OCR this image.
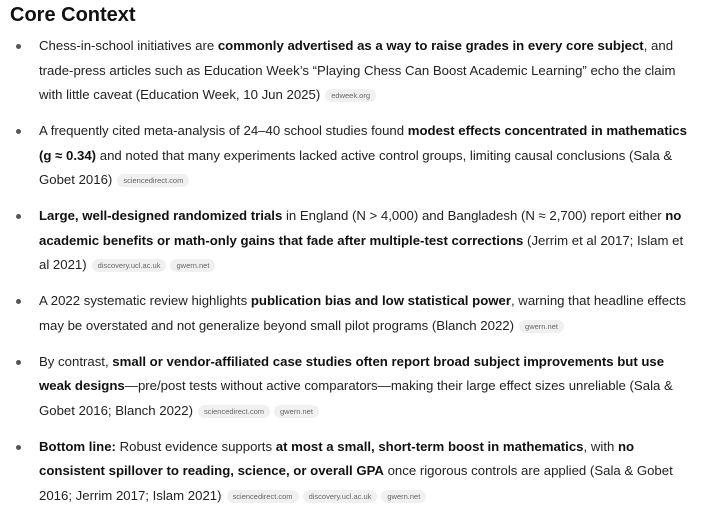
Core Context
Chess-in-school initiatives are commonly advertised as a way to raise grades in every core subject, and trade-press articles such as Education Week’s “Playing Chess Can Boost Academic Learning” echo the claim with little caveat (Education Week, 10 Jun 2025) edweek.org
A frequently cited meta-analysis of 24–40 school studies found modest effects concentrated in mathematics (g ≈ 0.34) and noted that many experiments lacked active control groups, limiting causal conclusions (Sala & Gobet 2016) sciencedirect.com
Large, well-designed randomized trials in England (N > 4,000) and Bangladesh (N ≈ 2,700) report either no academic benefits or math-only gains that fade after multiple-test corrections (Jerrim et al 2017; Islam et al 2021) discovery.ucl.ac.uk gwern.net
A 2022 systematic review highlights publication bias and low statistical power, warning that headline effects may be overstated and not generalize beyond small pilot programs (Blanch 2022) gwern.net
By contrast, small or vendor-affiliated case studies often report broad subject improvements but use weak designs—pre/post tests without active comparators—making their large effect sizes unreliable (Sala & Gobet 2016; Blanch 2022) sciencedirect.com gwern.net
Bottom line: Robust evidence supports at most a small, short-term boost in mathematics, with no consistent spillover to reading, science, or overall GPA once rigorous controls are applied (Sala & Gobet 2016; Jerrim 2017; Islam 2021) sciencedirect.com discovery.ucl.ac.uk gwern.net
